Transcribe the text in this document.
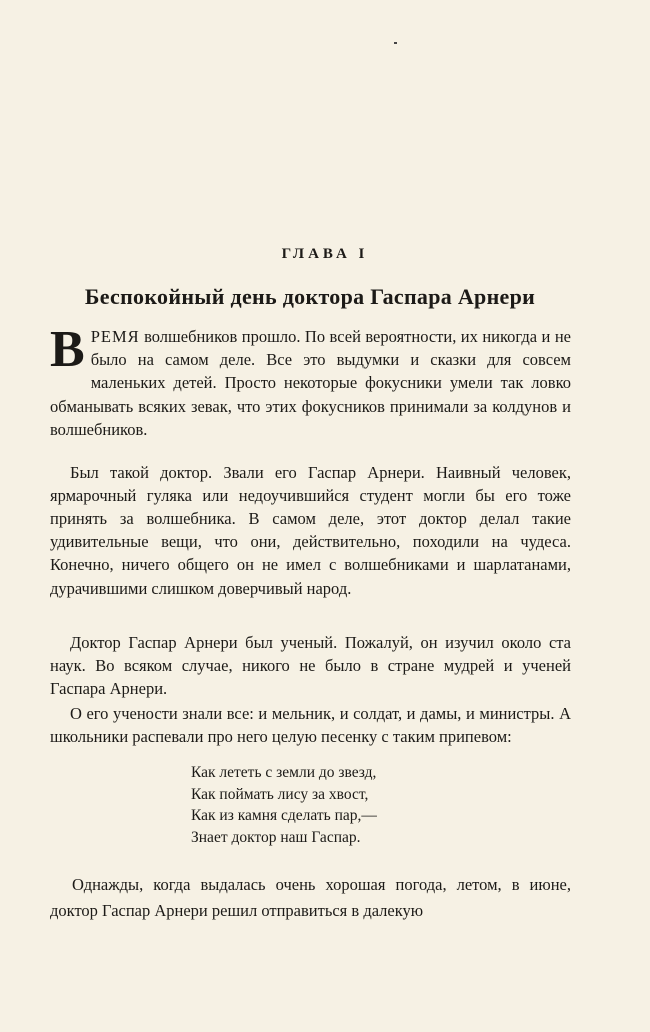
ГЛАВА I
Беспокойный день доктора Гаспара Арнери
ВРЕМЯ волшебников прошло. По всей вероятности, их никогда и не было на самом деле. Все это выдумки и сказки для совсем маленьких детей. Просто некоторые фокусники умели так ловко обманывать всяких зевак, что этих фокусников принимали за колдунов и волшебников.

Был такой доктор. Звали его Гаспар Арнери. Наивный человек, ярмарочный гуляка или недоучившийся студент могли бы его тоже принять за волшебника. В самом деле, этот доктор делал такие удивительные вещи, что они, действительно, походили на чудеса. Конечно, ничего общего он не имел с волшебниками и шарлатанами, дурачившими слишком доверчивый народ.

Доктор Гаспар Арнери был ученый. Пожалуй, он изучил около ста наук. Во всяком случае, никого не было в стране мудрей и ученей Гаспара Арнери.

О его учености знали все: и мельник, и солдат, и дамы, и министры. А школьники распевали про него целую песенку с таким припевом:

Как лететь с земли до звезд,
Как поймать лису за хвост,
Как из камня сделать пар,—
Знает доктор наш Гаспар.

Однажды, когда выдалась очень хорошая погода, летом, в июне, доктор Гаспар Арнери решил отправиться в далекую
